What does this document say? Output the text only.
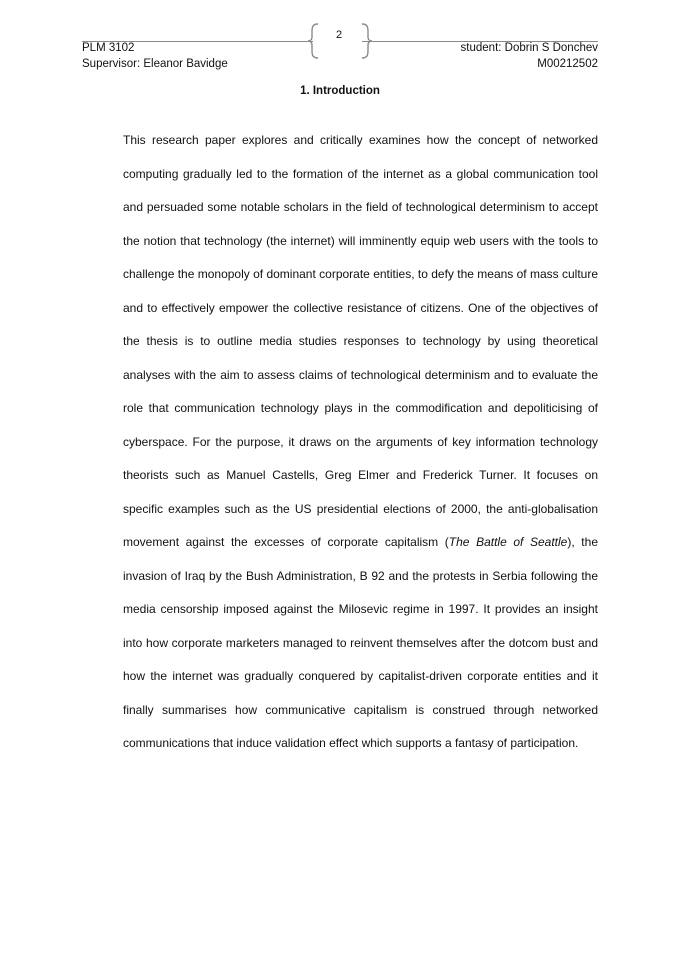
2
PLM 3102
Supervisor: Eleanor Bavidge
student: Dobrin S Donchev
M00212502
1. Introduction

This research paper explores and critically examines how the concept of networked computing gradually led to the formation of the internet as a global communication tool and persuaded some notable scholars in the field of technological determinism to accept the notion that technology (the internet) will imminently equip web users with the tools to challenge the monopoly of dominant corporate entities, to defy the means of mass culture and to effectively empower the collective resistance of citizens. One of the objectives of the thesis is to outline media studies responses to technology by using theoretical analyses with the aim to assess claims of technological determinism and to evaluate the role that communication technology plays in the commodification and depoliticising of cyberspace. For the purpose, it draws on the arguments of key information technology theorists such as Manuel Castells, Greg Elmer and Frederick Turner. It focuses on specific examples such as the US presidential elections of 2000, the anti-globalisation movement against the excesses of corporate capitalism (The Battle of Seattle), the invasion of Iraq by the Bush Administration, B 92 and the protests in Serbia following the media censorship imposed against the Milosevic regime in 1997. It provides an insight into how corporate marketers managed to reinvent themselves after the dotcom bust and how the internet was gradually conquered by capitalist-driven corporate entities and it finally summarises how communicative capitalism is construed through networked communications that induce validation effect which supports a fantasy of participation.
